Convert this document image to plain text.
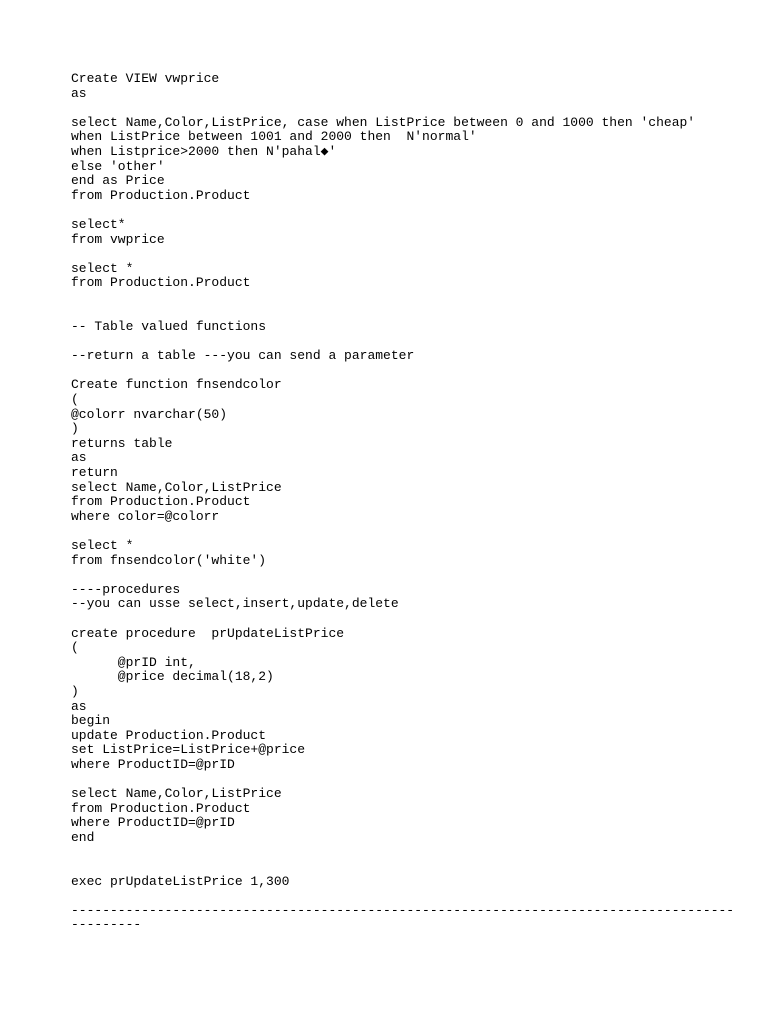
Create VIEW vwprice
as
select Name,Color,ListPrice, case when ListPrice between 0 and 1000 then 'cheap'
when ListPrice between 1001 and 2000 then  N'normal'
when Listprice>2000 then N'pahal◆'
else 'other'
end as Price
from Production.Product
select*
from vwprice
select *
from Production.Product
-- Table valued functions
--return a table ---you can send a parameter
Create function fnsendcolor
(
@colorr nvarchar(50)
)
returns table
as
return
select Name,Color,ListPrice
from Production.Product
where color=@colorr
select *
from fnsendcolor('white')
----procedures
--you can usse select,insert,update,delete
create procedure  prUpdateListPrice
(
@prID int,
@price decimal(18,2)
)
as
begin
update Production.Product
set ListPrice=ListPrice+@price
where ProductID=@prID
select Name,Color,ListPrice
from Production.Product
where ProductID=@prID
end
exec prUpdateListPrice 1,300
-------------------------------------------------------------------------------------
---------
